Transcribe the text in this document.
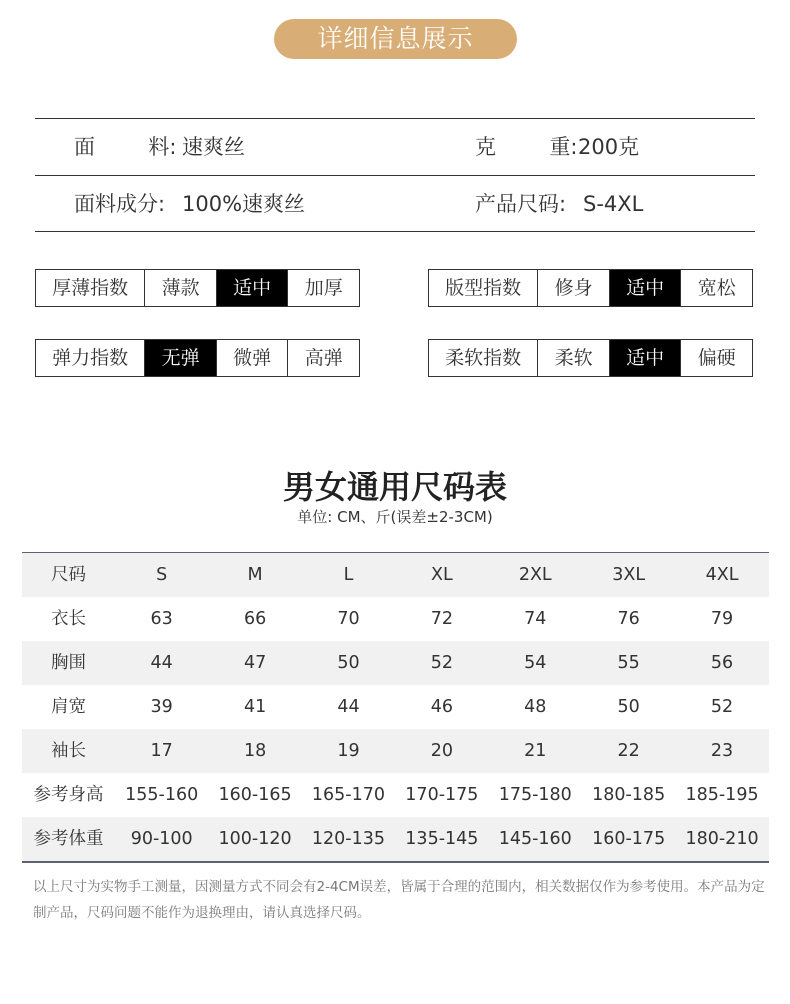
详细信息展示
面        料: 速爽丝	克        重: 200克
面料成分: 100%速爽丝	产品尺码: S-4XL
厚薄指数	薄款	适中	加厚	版型指数	修身	适中	宽松
弹力指数	无弹	微弹	高弹	柔软指数	柔软	适中	偏硬
男女通用尺码表
单位: CM、斤(误差±2-3CM)
尺码	S	M	L	XL	2XL	3XL	4XL
衣长	63	66	70	72	74	76	79
胸围	44	47	50	52	54	55	56
肩宽	39	41	44	46	48	50	52
袖长	17	18	19	20	21	22	23
参考身高	155-160	160-165	165-170	170-175	175-180	180-185	185-195
参考体重	90-100	100-120	120-135	135-145	145-160	160-175	180-210
以上尺寸为实物手工测量，因测量方式不同会有2-4CM误差，皆属于合理的范围内，相关数据仅作为参考使用。本产品为定制产品，尺码问题不能作为退换理由，请认真选择尺码。
